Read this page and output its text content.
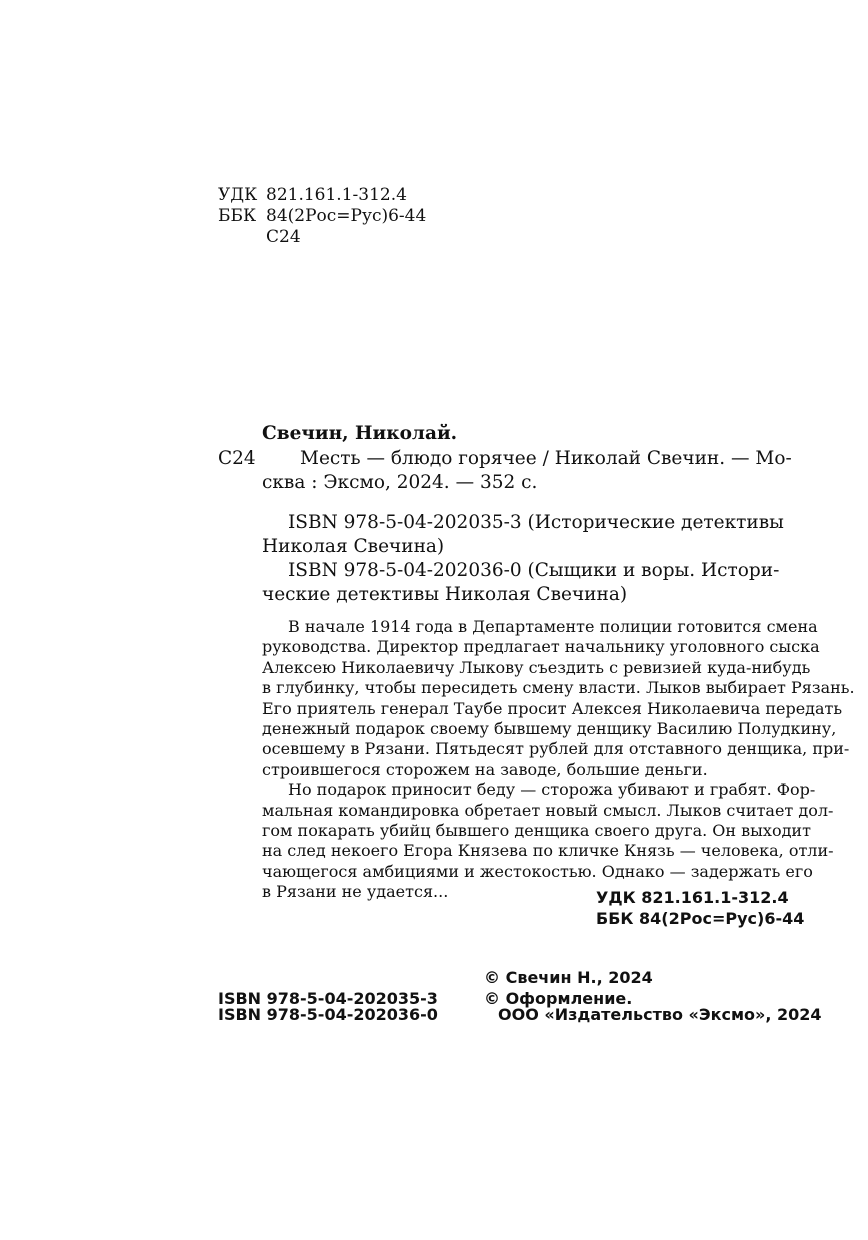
УДК 821.161.1-312.4
ББК 84(2Рос=Рус)6-44
С24
Свечин, Николай.
С24 Месть — блюдо горячее / Николай Свечин. — Мо-
сква : Эксмо, 2024. — 352 с.
ISBN 978-5-04-202035-3 (Исторические детективы
Николая Свечина)
ISBN 978-5-04-202036-0 (Сыщики и воры. Истори-
ческие детективы Николая Свечина)
В начале 1914 года в Департаменте полиции готовится смена
руководства. Директор предлагает начальнику уголовного сыска
Алексею Николаевичу Лыкову съездить с ревизией куда-нибудь
в глубинку, чтобы пересидеть смену власти. Лыков выбирает Рязань.
Его приятель генерал Таубе просит Алексея Николаевича передать
денежный подарок своему бывшему денщику Василию Полудкину,
осевшему в Рязани. Пятьдесят рублей для отставного денщика, при-
строившегося сторожем на заводе, большие деньги.
Но подарок приносит беду — сторожа убивают и грабят. Фор-
мальная командировка обретает новый смысл. Лыков считает дол-
гом покарать убийц бывшего денщика своего друга. Он выходит
на след некоего Егора Князева по кличке Князь — человека, отли-
чающегося амбициями и жестокостью. Однако — задержать его
в Рязани не удается...	УДК 821.161.1-312.4
ББК 84(2Рос=Рус)6-44
© Свечин Н., 2024
© Оформление.
ООО «Издательство «Эксмо», 2024
ISBN 978-5-04-202035-3
ISBN 978-5-04-202036-0
